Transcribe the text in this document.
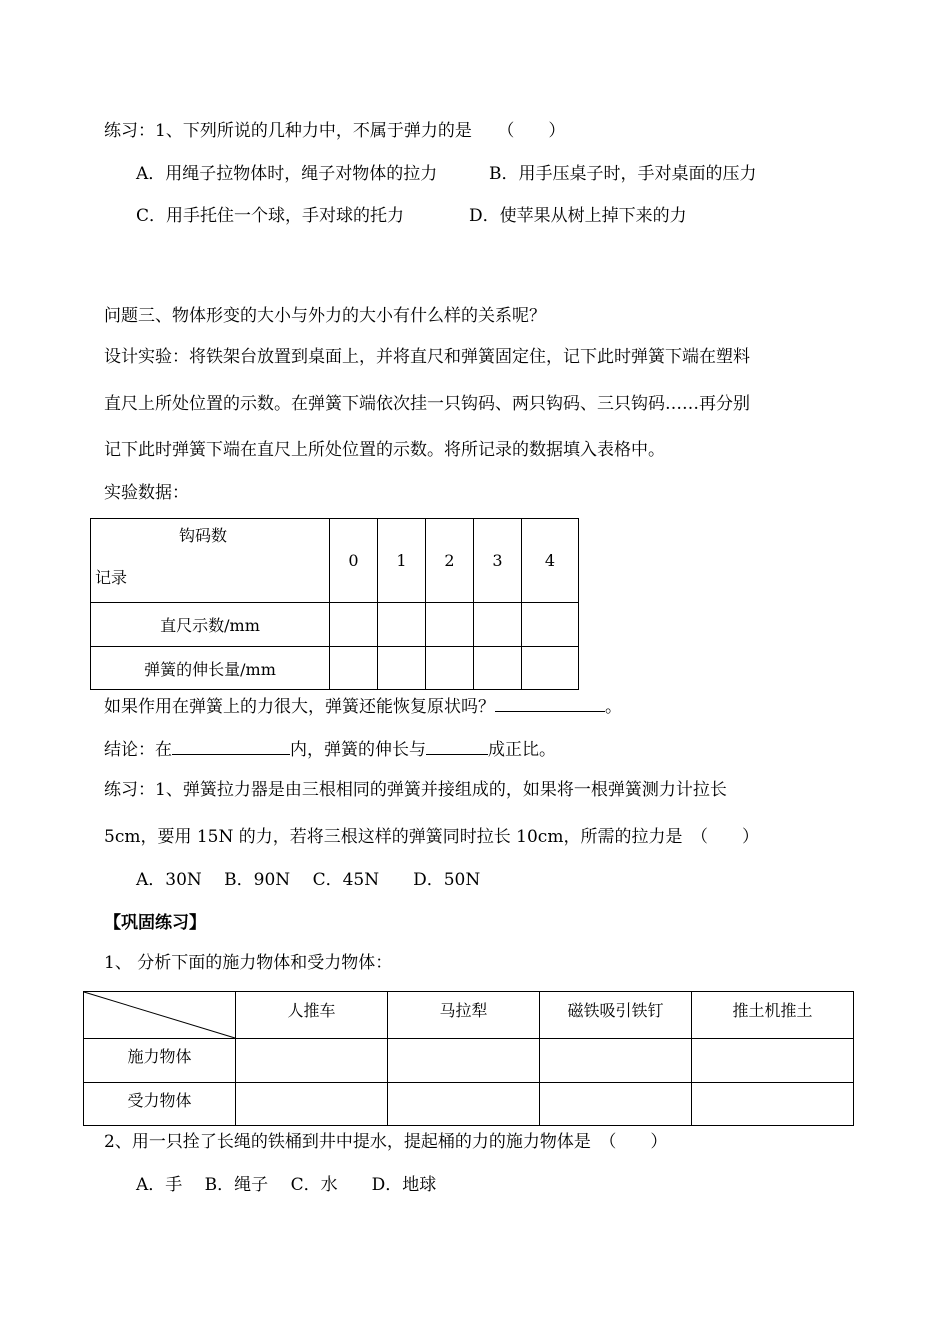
练习：1、下列所说的几种力中，不属于弹力的是　　（　　）
A．用绳子拉物体时，绳子对物体的拉力	B．用手压桌子时，手对桌面的压力
C．用手托住一个球，手对球的托力	D．使苹果从树上掉下来的力
问题三、物体形变的大小与外力的大小有什么样的关系呢？
设计实验：将铁架台放置到桌面上，并将直尺和弹簧固定住，记下此时弹簧下端在塑料
直尺上所处位置的示数。在弹簧下端依次挂一只钩码、两只钩码、三只钩码……再分别
记下此时弹簧下端在直尺上所处位置的示数。将所记录的数据填入表格中。
实验数据：
钩码数
记录	0	1	2	3	4
直尺示数/mm					
弹簧的伸长量/mm					
如果作用在弹簧上的力很大，弹簧还能恢复原状吗？	。
结论：在	内，弹簧的伸长与	成正比。
练习：1、弹簧拉力器是由三根相同的弹簧并接组成的，如果将一根弹簧测力计拉长
5cm，要用 15N 的力，若将三根这样的弹簧同时拉长 10cm，所需的拉力是　（　　）
A．30N　 B．90N　 C．45N　　D．50N
【巩固练习】
1、 分析下面的施力物体和受力物体：
	人推车	马拉犁	磁铁吸引铁钉	推土机推土
施力物体				
受力物体				
2、用一只拴了长绳的铁桶到井中提水，提起桶的力的施力物体是　（　　）
A．手　 B．绳子　 C．水　　D．地球
